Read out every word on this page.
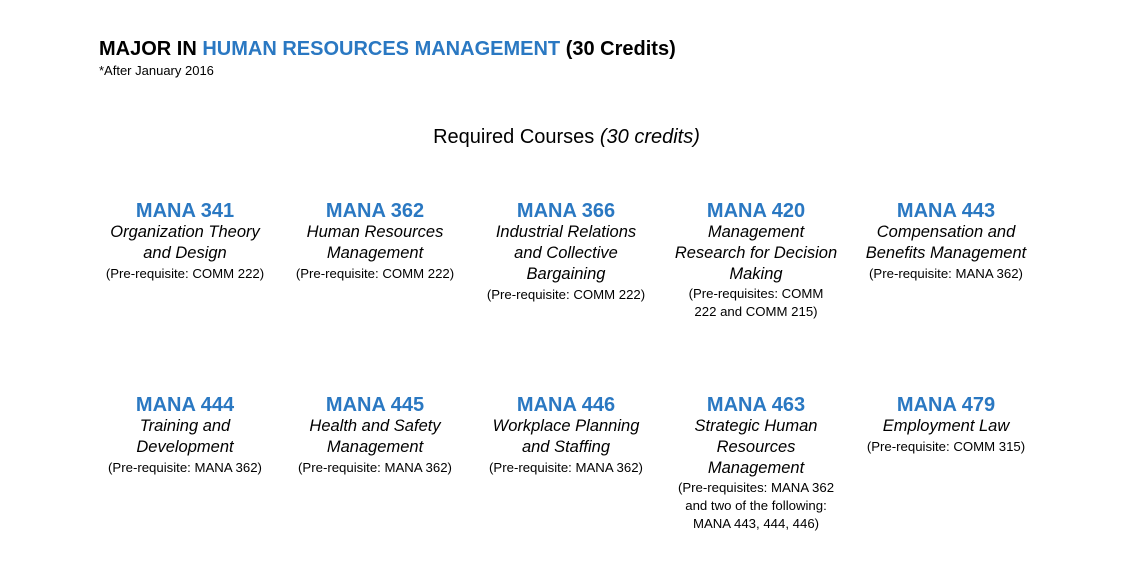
MAJOR IN HUMAN RESOURCES MANAGEMENT (30 Credits)
*After January 2016
Required Courses (30 credits)
MANA 341
Organization Theory and Design
(Pre-requisite: COMM 222)
MANA 362
Human Resources Management
(Pre-requisite: COMM 222)
MANA 366
Industrial Relations and Collective Bargaining
(Pre-requisite: COMM 222)
MANA 420
Management Research for Decision Making
(Pre-requisites: COMM 222 and COMM 215)
MANA 443
Compensation and Benefits Management
(Pre-requisite: MANA 362)
MANA 444
Training and Development
(Pre-requisite: MANA 362)
MANA 445
Health and Safety Management
(Pre-requisite: MANA 362)
MANA 446
Workplace Planning and Staffing
(Pre-requisite: MANA 362)
MANA 463
Strategic Human Resources Management
(Pre-requisites: MANA 362 and two of the following: MANA 443, 444, 446)
MANA 479
Employment Law
(Pre-requisite: COMM 315)
